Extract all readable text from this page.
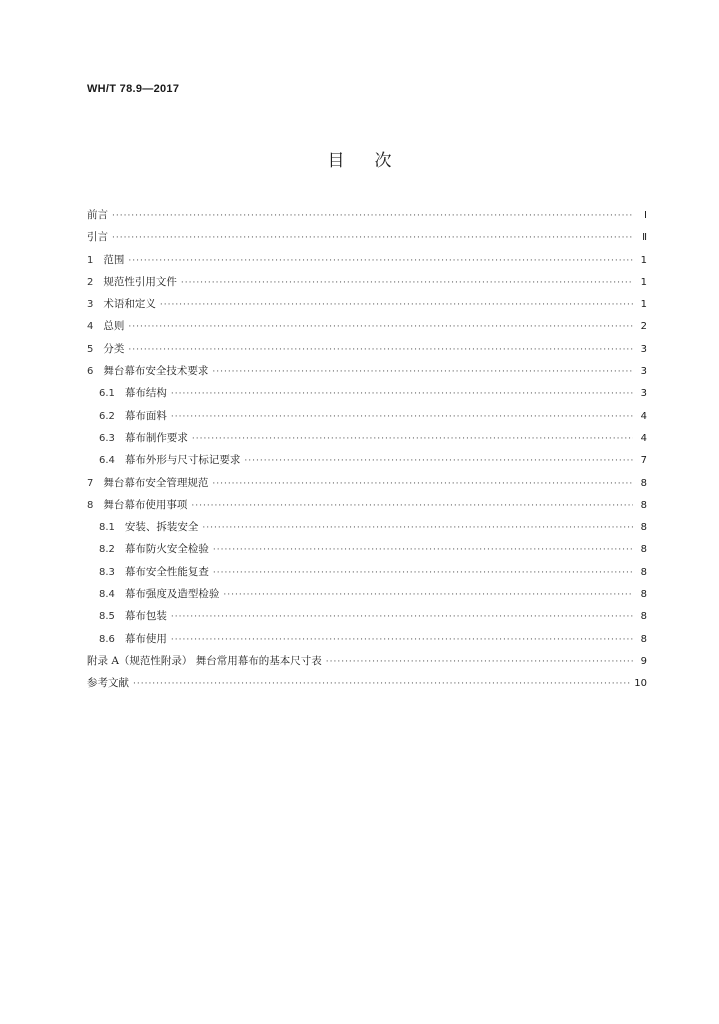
WH/T 78.9—2017
目次
前言 ·····	Ⅰ
引言 ·····	Ⅱ
1 范围 ·····	1
2 规范性引用文件 ·····	1
3 术语和定义 ·····	1
4 总则 ·····	2
5 分类 ·····	3
6 舞台幕布安全技术要求 ·····	3
6.1 幕布结构 ·····	3
6.2 幕布面料 ·····	4
6.3 幕布制作要求 ·····	4
6.4 幕布外形与尺寸标记要求 ·····	7
7 舞台幕布安全管理规范 ·····	8
8 舞台幕布使用事项 ·····	8
8.1 安装、拆装安全 ·····	8
8.2 幕布防火安全检验 ·····	8
8.3 幕布安全性能复查 ·····	8
8.4 幕布强度及造型检验 ·····	8
8.5 幕布包装 ·····	8
8.6 幕布使用 ·····	8
附录 A（规范性附录） 舞台常用幕布的基本尺寸表 ·····	9
参考文献 ·····	10
